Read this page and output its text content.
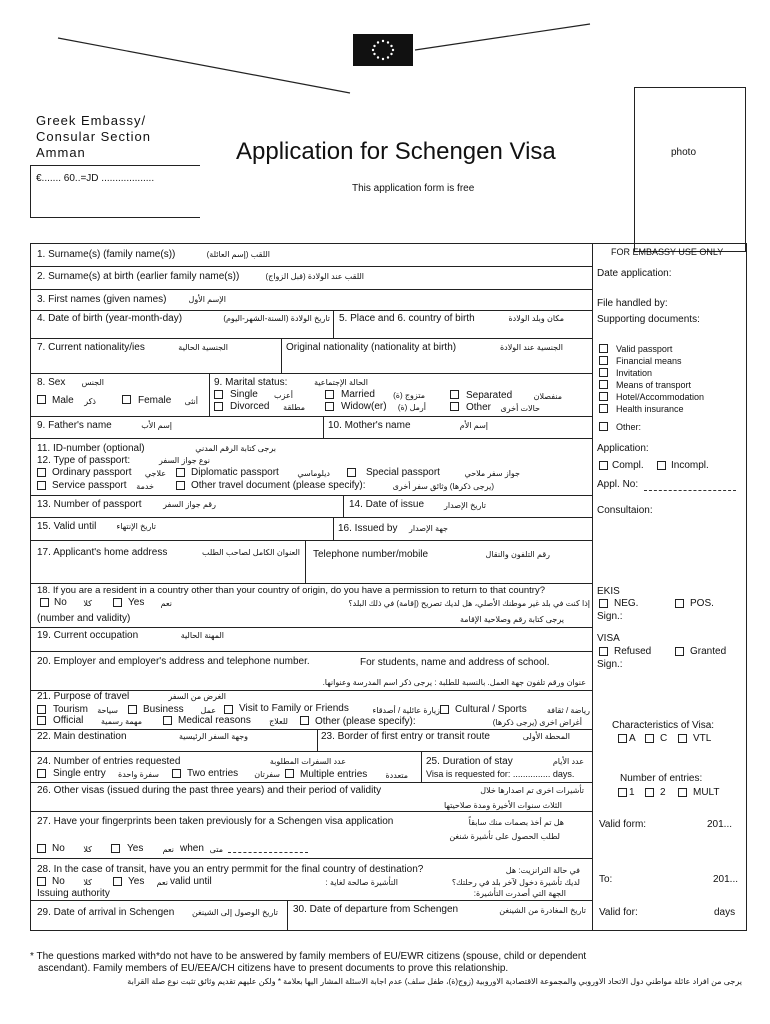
Greek Embassy/
Consular Section
Amman
€....... 60..=JD ...................
Application for Schengen Visa
This application form is free
photo
1. Surname(s) (family name(s))	اللقب (إسم العائلة)
2. Surname(s) at birth (earlier family name(s))	اللقب عند الولادة (قبل الزواج)
3. First names (given names)	الإسم الأول
4. Date of birth (year-month-day)	تاريخ الولادة (السنة-الشهر-اليوم) 5. Place and 6. country of birth	مكان وبلد الولادة
7. Current nationality/ies	الجنسية الحالية	Original nationality (nationality at birth)	الجنسية عند الولادة
8. Sex الجنس
Male ذكر	Female	أنثى
9. Marital status:	الحالة الإجتماعية
Single أعزب
Divorced مطلقة
Married متزوج (ة)
Widow(er) أرمل (ة)
Separated	منفصلان
Other حالات أخرى
9. Father's name	إسم الأب	10. Mother's name	إسم الأم
11. ID-number (optional)	برجى كتابة الرقم المدني
12. Type of passport:	نوع جواز السفر
Ordinary passport	علاجي	Diplomatic passport	ديلوماسي	Special passport	جواز سفر ملاحي
Service passport	خدمة	Other travel document (please specify):	(يرجى ذكرها) وثائق سفر أخرى
13. Number of passport	رقم جواز السفر	14. Date of issue	تاريخ الإصدار
15. Valid until	تاريخ الإنتهاء	16. Issued by	جهة الإصدار
17. Applicant's home address	العنوان الكامل لصاحب الطلب Telephone number/mobile	رقم التلفون والنقال
18. If you are a resident in a country other than your country of origin, do you have a permission to return to that country?
إذا كنت في بلد غير موطنك الأصلي، هل لديك تصريح (إقامة) في ذلك البلد؟
No	كلا	Yes	نعم
(number and validity)	يرجى كتابة رقم وصلاحية الإقامة
19. Current occupation	المهنة الحالية
20. Employer and employer's address and telephone number.	For students, name and address of school.
عنوان ورقم تلفون جهة العمل. بالنسبة للطلبة : يرجى ذكر اسم المدرسة وعنوانها.
21. Purpose of travel	الغرض من السفر
Tourism سياحة	Business عمل Visit to Family or Friends	زيارة عائلية / أصدقاء Cultural / Sports	رياضة / ثقافة
Official	مهمة رسمية	Medical reasons	للعلاج	Other (please specify):	أغراض اخرى (يرجى ذكرها)
22. Main destination	وجهة السفر الرئيسية	23. Border of first entry or transit route	المحطة الأولى
24. Number of entries requested	عدد السفرات المطلوبة
Single entry سفرة واحدة	Two entries سفرتان Multiple entries	متعددة
25. Duration of stay	عدد الأيام
Visa is requested for: ............... days.
26. Other visas (issued during the past three years) and their period of validity	تأشيرات اخرى تم اصدارها خلال
الثلاث سنوات الأخيرة ومدة صلاحيتها
27. Have your fingerprints been taken previously for a Schengen visa application	هل تم أخذ بصمات منك سابقاً
لطلب الحصول على تأشيرة شنغن
No	كلا	Yes	نعم when متى
28. In the case of transit, have you an entry permmit for the final country of destination?	في حالة الترانزيت: هل
لديك تأشيرة دخول لآخر بلد في رحلتك؟
No	كلا	Yes	نعم valid until	التأشيرة صالحة لغاية :
Issuing authority	الجهة التي أصدرت التأشيرة:
29. Date of arrival in Schengen	تاريخ الوصول إلى الشينغن 30. Date of departure from Schengen	تاريخ المغادرة من الشينغن
FOR EMBASSY USE ONLY
Date application:
File handled by:
Supporting documents:
Valid passport
Financial means
Invitation
Means of transport
Hotel/Accommodation
Health insurance
Other:
Application:
Compl.	Incompl.
Appl. No:
Consultaion:
EKIS
NEG.	POS.
Sign.:
VISA
Refused	Granted
Sign.:
Characteristics of Visa:
A C	VTL
Number of entries:
1	2	MULT
Valid form:	201...
To:	201...
Valid for:	days
* The questions marked with*do not have to be answered by family members of EU/EWR citizens (spouse, child or dependent
ascendant). Family members of EU/EEA/CH citizens have to present documents to prove this relationship.
يرجى من افراد عائلة مواطني دول الاتحاد الاوروبي والمجموعة الاقتصادية الاوروبية (زوج(ة)، طفل سلف) عدم اجابة الاسئلة المشار اليها بعلامة * ولكن عليهم تقديم وثائق تثبت نوع صلة القرابة
